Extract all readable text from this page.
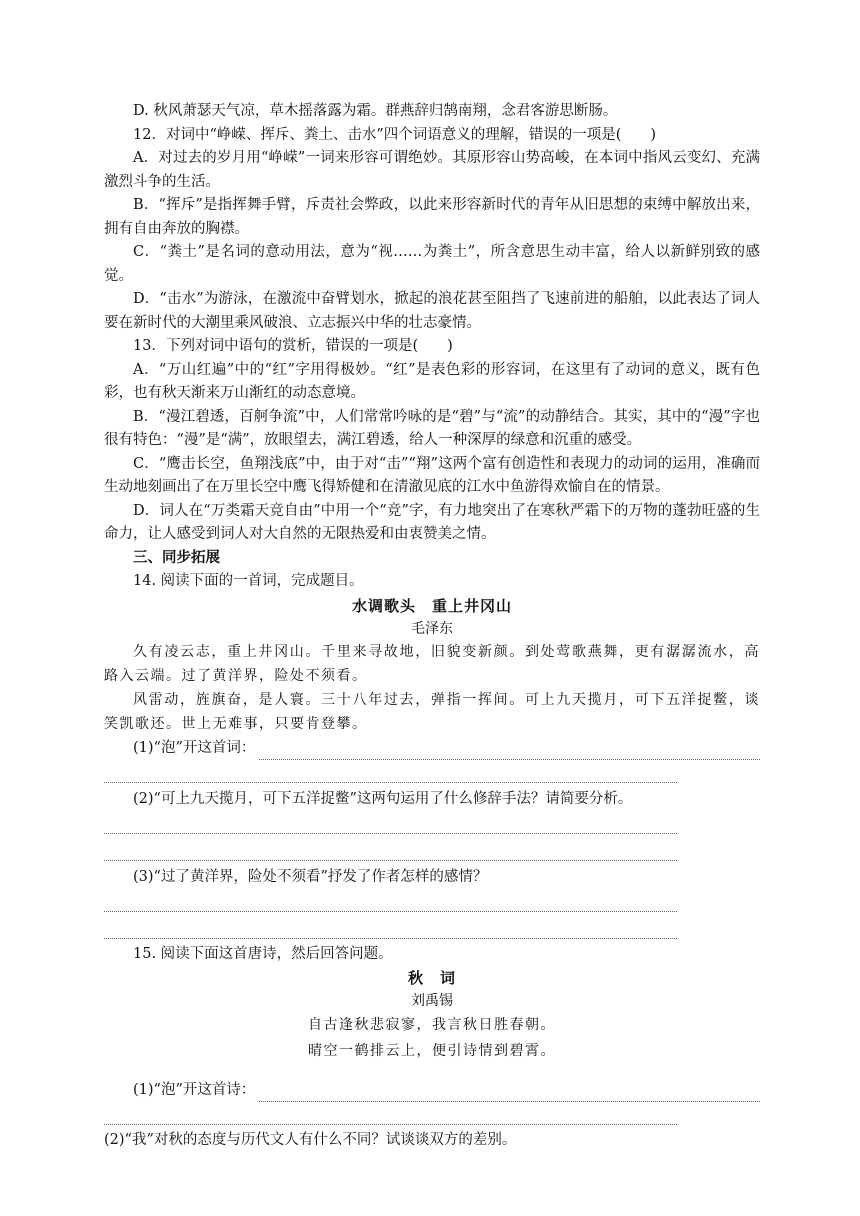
D. 秋风萧瑟天气凉，草木摇落露为霜。群燕辞归鹄南翔，念君客游思断肠。
12．对词中“峥嵘、挥斥、粪土、击水”四个词语意义的理解，错误的一项是(　　)
A．对过去的岁月用“峥嵘”一词来形容可谓绝妙。其原形容山势高峻，在本词中指风云变幻、充满激烈斗争的生活。
B．“挥斥”是指挥舞手臂，斥责社会弊政，以此来形容新时代的青年从旧思想的束缚中解放出来，拥有自由奔放的胸襟。
C．“粪土”是名词的意动用法，意为“视……为粪土”，所含意思生动丰富，给人以新鲜别致的感觉。
D．“击水”为游泳，在激流中奋臂划水，掀起的浪花甚至阻挡了飞速前进的船舶，以此表达了词人要在新时代的大潮里乘风破浪、立志振兴中华的壮志豪情。
13．下列对词中语句的赏析，错误的一项是(　　)
A．“万山红遍”中的“红”字用得极妙。“红”是表色彩的形容词，在这里有了动词的意义，既有色彩，也有秋天渐来万山渐红的动态意境。
B．“漫江碧透，百舸争流”中，人们常常吟咏的是“碧”与“流”的动静结合。其实，其中的“漫”字也很有特色：“漫”是“满”，放眼望去，满江碧透，给人一种深厚的绿意和沉重的感受。
C．“鹰击长空，鱼翔浅底”中，由于对“击”“翔”这两个富有创造性和表现力的动词的运用，准确而生动地刻画出了在万里长空中鹰飞得矫健和在清澈见底的江水中鱼游得欢愉自在的情景。
D．词人在“万类霜天竞自由”中用一个“竞”字，有力地突出了在寒秋严霜下的万物的蓬勃旺盛的生命力，让人感受到词人对大自然的无限热爱和由衷赞美之情。
三、同步拓展
14. 阅读下面的一首词，完成题目。
水调歌头　重上井冈山
毛泽东
久有凌云志，重上井冈山。千里来寻故地，旧貌变新颜。到处莺歌燕舞，更有潺潺流水，高路入云端。过了黄洋界，险处不须看。
风雷动，旌旗奋，是人寰。三十八年过去，弹指一挥间。可上九天揽月，可下五洋捉鳖，谈笑凯歌还。世上无难事，只要肯登攀。
(1)“泡”开这首词：
(2)“可上九天揽月，可下五洋捉鳖”这两句运用了什么修辞手法？请简要分析。
(3)“过了黄洋界，险处不须看”抒发了作者怎样的感情？
15. 阅读下面这首唐诗，然后回答问题。
秋　词
刘禹锡
自古逢秋悲寂寥，我言秋日胜春朝。
晴空一鹤排云上，便引诗情到碧霄。
(1)“泡”开这首诗：
(2)“我”对秋的态度与历代文人有什么不同？试谈谈双方的差别。
